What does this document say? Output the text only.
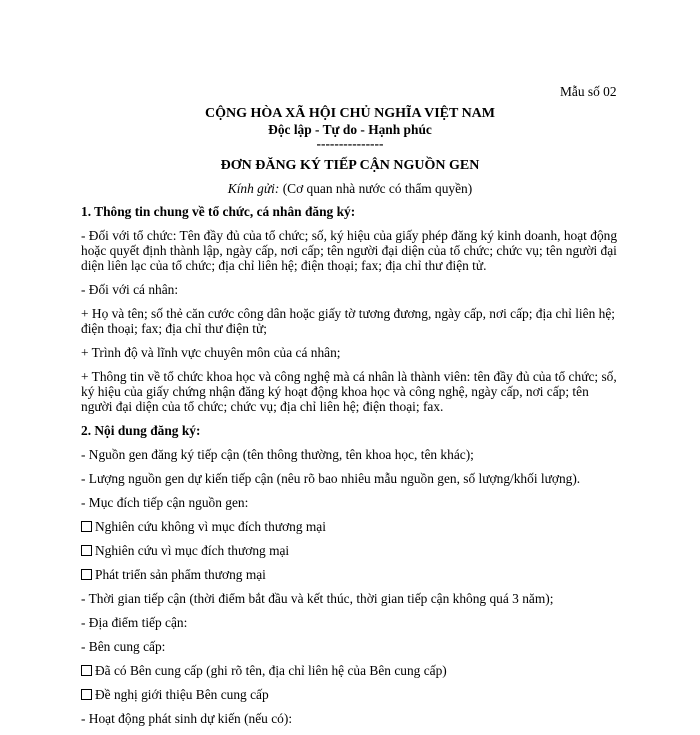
Mẫu số 02
CỘNG HÒA XÃ HỘI CHỦ NGHĨA VIỆT NAM
Độc lập - Tự do - Hạnh phúc
---------------
ĐƠN ĐĂNG KÝ TIẾP CẬN NGUỒN GEN
Kính gửi: (Cơ quan nhà nước có thẩm quyền)

1. Thông tin chung về tổ chức, cá nhân đăng ký:

- Đối với tổ chức: Tên đầy đủ của tổ chức; số, ký hiệu của giấy phép đăng ký kinh doanh, hoạt động hoặc quyết định thành lập, ngày cấp, nơi cấp; tên người đại diện của tổ chức; chức vụ; tên người đại diện liên lạc của tổ chức; địa chỉ liên hệ; điện thoại; fax; địa chỉ thư điện tử.

- Đối với cá nhân:

+ Họ và tên; số thẻ căn cước công dân hoặc giấy tờ tương đương, ngày cấp, nơi cấp; địa chỉ liên hệ; điện thoại; fax; địa chỉ thư điện tử;

+ Trình độ và lĩnh vực chuyên môn của cá nhân;

+ Thông tin về tổ chức khoa học và công nghệ mà cá nhân là thành viên: tên đầy đủ của tổ chức; số, ký hiệu của giấy chứng nhận đăng ký hoạt động khoa học và công nghệ, ngày cấp, nơi cấp; tên người đại diện của tổ chức; chức vụ; địa chỉ liên hệ; điện thoại; fax.

2. Nội dung đăng ký:

- Nguồn gen đăng ký tiếp cận (tên thông thường, tên khoa học, tên khác);

- Lượng nguồn gen dự kiến tiếp cận (nêu rõ bao nhiêu mẫu nguồn gen, số lượng/khối lượng).

- Mục đích tiếp cận nguồn gen:

Nghiên cứu không vì mục đích thương mại

Nghiên cứu vì mục đích thương mại

Phát triển sản phẩm thương mại

- Thời gian tiếp cận (thời điểm bắt đầu và kết thúc, thời gian tiếp cận không quá 3 năm);

- Địa điểm tiếp cận:

- Bên cung cấp:

Đã có Bên cung cấp (ghi rõ tên, địa chỉ liên hệ của Bên cung cấp)

Đề nghị giới thiệu Bên cung cấp

- Hoạt động phát sinh dự kiến (nếu có):
